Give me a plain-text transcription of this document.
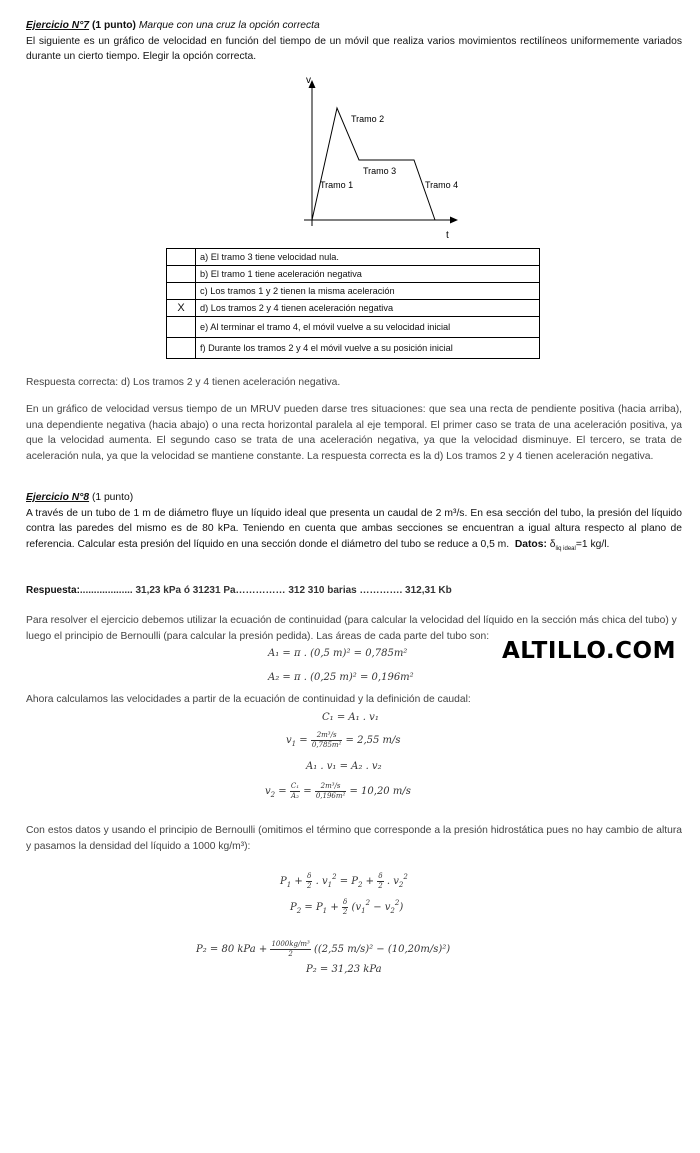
Ejercicio N°7 (1 punto) Marque con una cruz la opción correcta

El siguiente es un gráfico de velocidad en función del tiempo de un móvil que realiza varios movimientos rectilíneos uniformemente variados durante un cierto tiempo. Elegir la opción correcta.

v
t
Tramo 2
Tramo 3
Tramo 1	Tramo 4
	a) El tramo 3 tiene velocidad nula.
	b) El tramo 1 tiene aceleración negativa
	c) Los tramos 1 y 2 tienen la misma aceleración
X	d) Los tramos 2 y 4 tienen aceleración negativa
	e) Al terminar el tramo 4, el móvil vuelve a su velocidad inicial
	f) Durante los tramos 2 y 4 el móvil vuelve a su posición inicial

Respuesta correcta: d) Los tramos 2 y 4 tienen aceleración negativa.

En un gráfico de velocidad versus tiempo de un MRUV pueden darse tres situaciones: que sea una recta de pendiente positiva (hacia arriba), una dependiente negativa (hacia abajo) o una recta horizontal paralela al eje temporal. El primer caso se trata de una aceleración positiva, ya que la velocidad aumenta. El segundo caso se trata de una aceleración negativa, ya que la velocidad disminuye. El tercero, se trata de aceleración nula, ya que la velocidad se mantiene constante. La respuesta correcta es la d) Los tramos 2 y 4 tienen aceleración negativa.

Ejercicio N°8 (1 punto)

A través de un tubo de 1 m de diámetro fluye un líquido ideal que presenta un caudal de 2 m³/s. En esa sección del tubo, la presión del líquido contra las paredes del mismo es de 80 kPa. Teniendo en cuenta que ambas secciones se encuentran a igual altura respecto al plano de referencia. Calcular esta presión del líquido en una sección donde el diámetro del tubo se reduce a 0,5 m. Datos: $\delta_{liq ideal}=1$ kg/l.

Respuesta:................... 31,23 kPa ó 31231 Pa…………… 312 310 barias …………. 312,31 Kb

Para resolver el ejercicio debemos utilizar la ecuación de continuidad (para calcular la velocidad del líquido en la sección más chica del tubo) y luego el principio de Bernoulli (para calcular la presión pedida). Las áreas de cada parte del tubo son:

ALTILLO.COM
A₁ = π . (0,5 m)² = 0,785m²
A₂ = π . (0,25 m)² = 0,196m²

Ahora calculamos las velocidades a partir de la ecuación de continuidad y la definición de caudal:

C₁ = A₁ . v₁
$v_1 = \frac{\text{2m³/s}}{\text{0,785m²}} = 2,55$ m/s
A₁ . v₁ = A₂ . v₂
$v_2 = \frac{\text{C₁}}{\text{A₂}} = \frac{\text{2m³/s}}{\text{0,196m²}} = 10,20$ m/s

Con estos datos y usando el principio de Bernoulli (omitimos el término que corresponde a la presión hidrostática pues no hay cambio de altura y pasamos la densidad del líquido a 1000 kg/m³):

$P_1 + \frac{\delta}{2}$ . $v_1^2 = P_2 + \frac{\delta}{2}$ . $v_2^2$
$P_2 = P_1 + \frac{\delta}{2} (v_1^2 - v_2^2)$
P₂ = 80 kPa + $\frac{\text{1000kg/m³}}{2} ((2,55$ m/s)² − (10,20m/s)²)
P₂ = 31,23 kPa
